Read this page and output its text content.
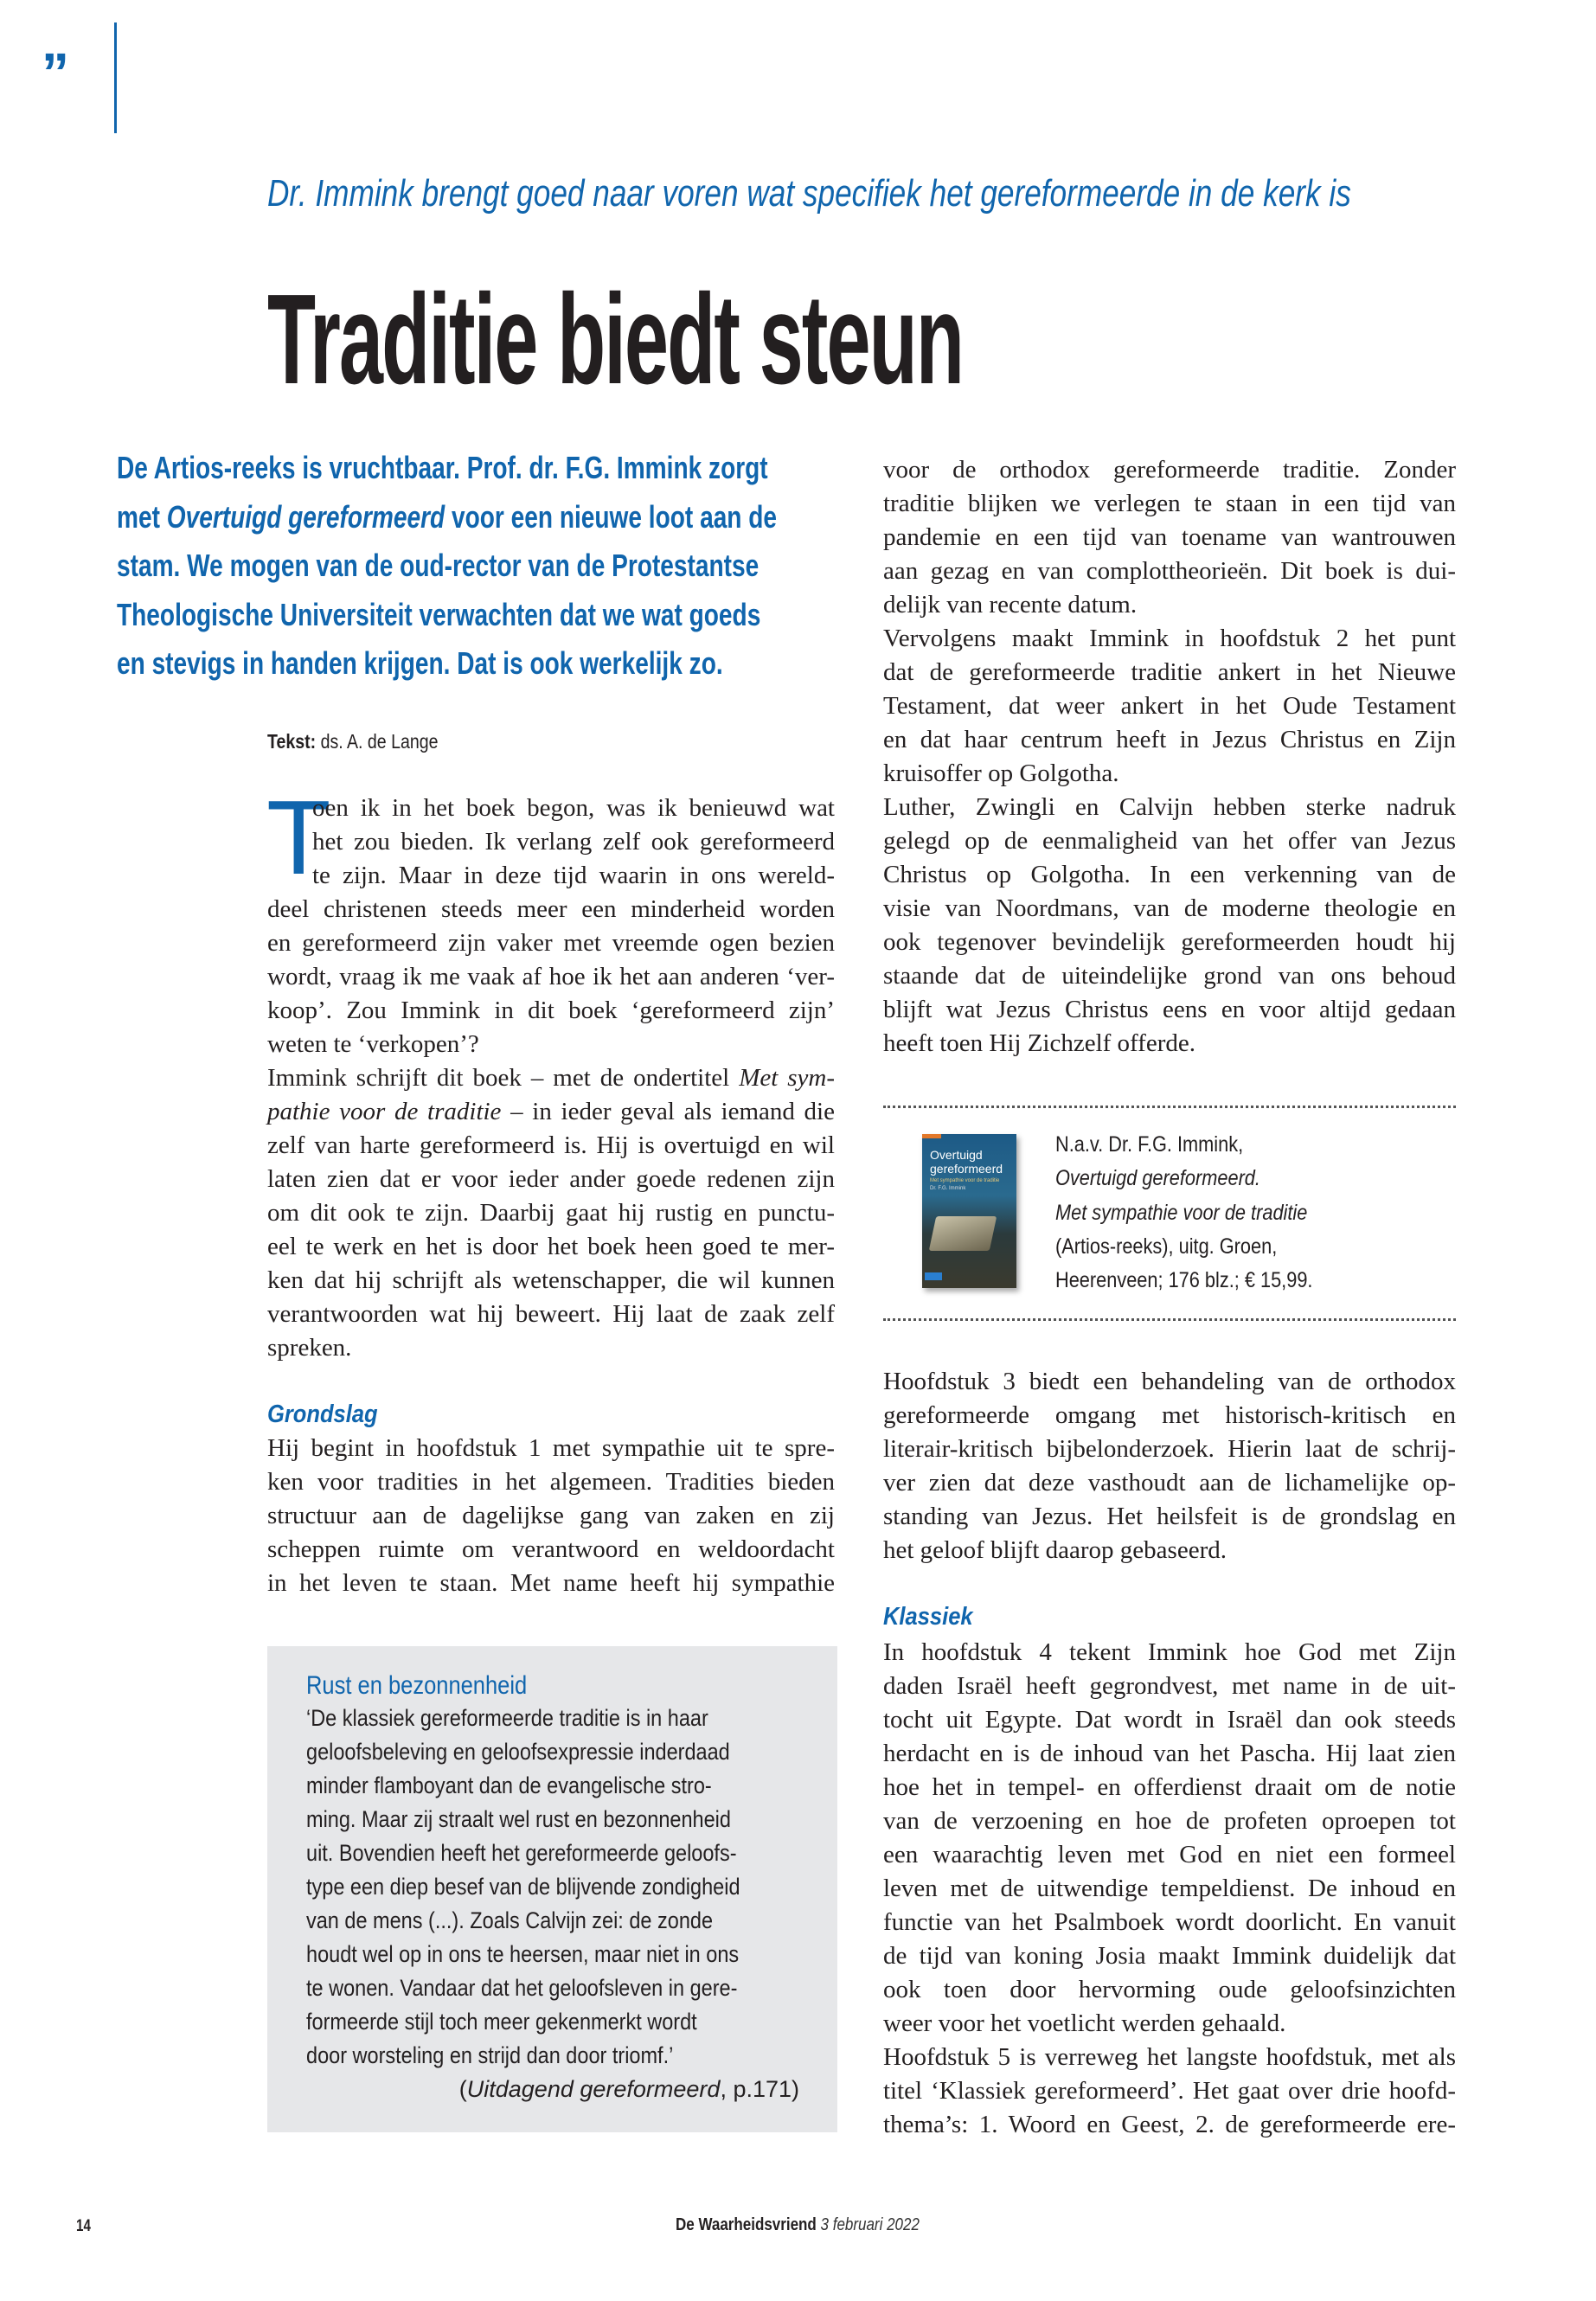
”
Dr. Immink brengt goed naar voren wat specifiek het gereformeerde in de kerk is
Traditie biedt steun
De Artios-reeks is vruchtbaar. Prof. dr. F.G. Immink zorgt
met Overtuigd gereformeerd voor een nieuwe loot aan de
stam. We mogen van de oud-rector van de Protestantse
Theologische Universiteit verwachten dat we wat goeds
en stevigs in handen krijgen. Dat is ook werkelijk zo.
Tekst: ds. A. de Lange
T
oen ik in het boek begon, was ik benieuwd wat
het zou bieden. Ik verlang zelf ook gereformeerd
te zijn. Maar in deze tijd waarin in ons wereld-
deel christenen steeds meer een minderheid worden
en gereformeerd zijn vaker met vreemde ogen bezien
wordt, vraag ik me vaak af hoe ik het aan anderen ‘ver-
koop’. Zou Immink in dit boek ‘gereformeerd zijn’
weten te ‘verkopen’?
Immink schrijft dit boek – met de ondertitel Met sym-
pathie voor de traditie – in ieder geval als iemand die
zelf van harte gereformeerd is. Hij is overtuigd en wil
laten zien dat er voor ieder ander goede redenen zijn
om dit ook te zijn. Daarbij gaat hij rustig en punctu-
eel te werk en het is door het boek heen goed te mer-
ken dat hij schrijft als wetenschapper, die wil kunnen
verantwoorden wat hij beweert. Hij laat de zaak zelf
spreken.
Grondslag
Hij begint in hoofdstuk 1 met sympathie uit te spre-
ken voor tradities in het algemeen. Tradities bieden
structuur aan de dagelijkse gang van zaken en zij
scheppen ruimte om verantwoord en weldoordacht
in het leven te staan. Met name heeft hij sympathie
Rust en bezonnenheid
‘De klassiek gereformeerde traditie is in haar
geloofsbeleving en geloofsexpressie inderdaad
minder flamboyant dan de evangelische stro-
ming. Maar zij straalt wel rust en bezonnenheid
uit. Bovendien heeft het gereformeerde geloofs-
type een diep besef van de blijvende zondigheid
van de mens (...). Zoals Calvijn zei: de zonde
houdt wel op in ons te heersen, maar niet in ons
te wonen. Vandaar dat het geloofsleven in gere-
formeerde stijl toch meer gekenmerkt wordt
door worsteling en strijd dan door triomf.’
(Uitdagend gereformeerd, p.171)
voor de orthodox gereformeerde traditie. Zonder
traditie blijken we verlegen te staan in een tijd van
pandemie en een tijd van toename van wantrouwen
aan gezag en van complottheorieën. Dit boek is dui-
delijk van recente datum.
Vervolgens maakt Immink in hoofdstuk 2 het punt
dat de gereformeerde traditie ankert in het Nieuwe
Testament, dat weer ankert in het Oude Testament
en dat haar centrum heeft in Jezus Christus en Zijn
kruisoffer op Golgotha.
Luther, Zwingli en Calvijn hebben sterke nadruk
gelegd op de eenmaligheid van het offer van Jezus
Christus op Golgotha. In een verkenning van de
visie van Noordmans, van de moderne theologie en
ook tegenover bevindelijk gereformeerden houdt hij
staande dat de uiteindelijke grond van ons behoud
blijft wat Jezus Christus eens en voor altijd gedaan
heeft toen Hij Zichzelf offerde.
Overtuigd gereformeerd
Met sympathie voor de traditie
Dr. F.G. Immink
N.a.v. Dr. F.G. Immink,
Overtuigd gereformeerd.
Met sympathie voor de traditie
(Artios-reeks), uitg. Groen,
Heerenveen; 176 blz.; € 15,99.
Hoofdstuk 3 biedt een behandeling van de orthodox
gereformeerde omgang met historisch-kritisch en
literair-kritisch bijbelonderzoek. Hierin laat de schrij-
ver zien dat deze vasthoudt aan de lichamelijke op-
standing van Jezus. Het heilsfeit is de grondslag en
het geloof blijft daarop gebaseerd.
Klassiek
In hoofdstuk 4 tekent Immink hoe God met Zijn
daden Israël heeft gegrondvest, met name in de uit-
tocht uit Egypte. Dat wordt in Israël dan ook steeds
herdacht en is de inhoud van het Pascha. Hij laat zien
hoe het in tempel- en offerdienst draait om de notie
van de verzoening en hoe de profeten oproepen tot
een waarachtig leven met God en niet een formeel
leven met de uitwendige tempeldienst. De inhoud en
functie van het Psalmboek wordt doorlicht. En vanuit
de tijd van koning Josia maakt Immink duidelijk dat
ook toen door hervorming oude geloofsinzichten
weer voor het voetlicht werden gehaald.
Hoofdstuk 5 is verreweg het langste hoofdstuk, met als
titel ‘Klassiek gereformeerd’. Het gaat over drie hoofd-
thema’s: 1. Woord en Geest, 2. de gereformeerde ere-
14	De Waarheidsvriend 3 februari 2022
